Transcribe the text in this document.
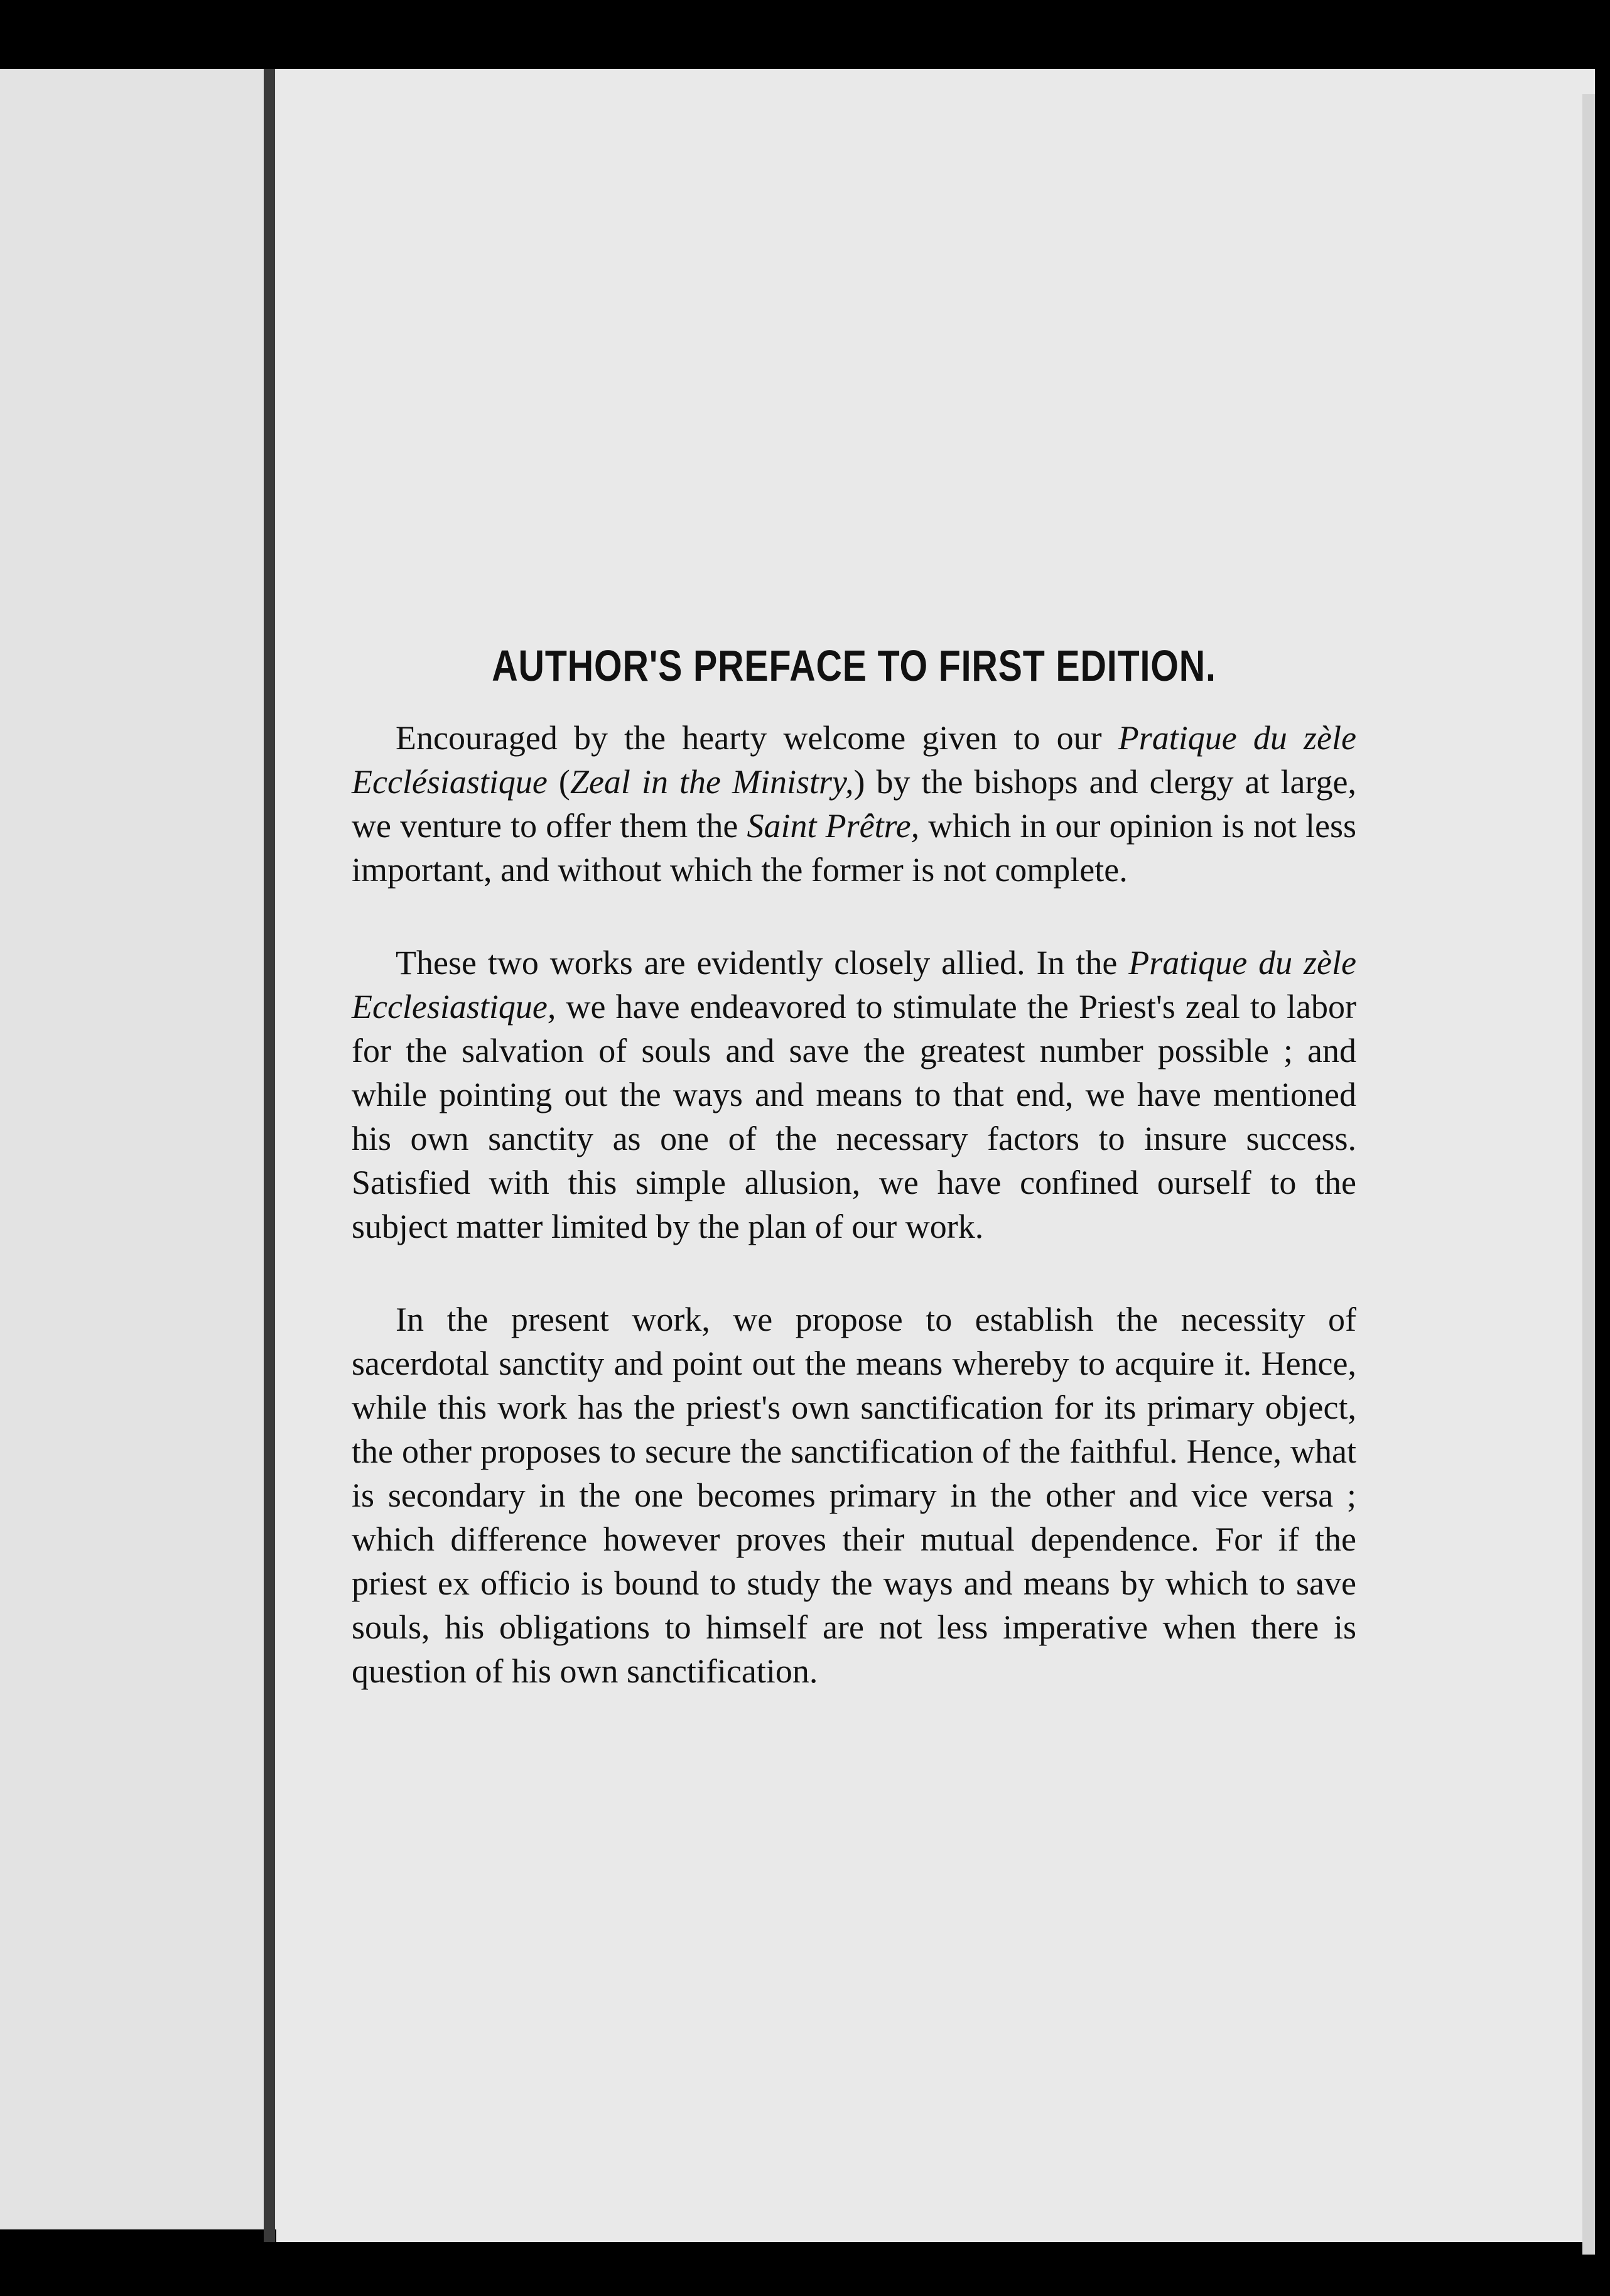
AUTHOR'S PREFACE TO FIRST EDITION.

Encouraged by the hearty welcome given to our Pratique du zèle Ecclésiastique (Zeal in the Ministry,) by the bishops and clergy at large, we venture to offer them the Saint Prêtre, which in our opinion is not less important, and without which the former is not complete.

These two works are evidently closely allied. In the Pratique du zèle Ecclesiastique, we have endeavored to stimulate the Priest's zeal to labor for the salvation of souls and save the greatest number possible ; and while pointing out the ways and means to that end, we have mentioned his own sanctity as one of the necessary factors to insure success. Satisfied with this simple allusion, we have confined ourself to the subject matter limited by the plan of our work.

In the present work, we propose to establish the necessity of sacerdotal sanctity and point out the means whereby to acquire it. Hence, while this work has the priest's own sanctification for its primary object, the other proposes to secure the sanctification of the faithful. Hence, what is secondary in the one becomes primary in the other and vice versa ; which difference however proves their mutual dependence. For if the priest ex officio is bound to study the ways and means by which to save souls, his obligations to himself are not less imperative when there is question of his own sanctification.
